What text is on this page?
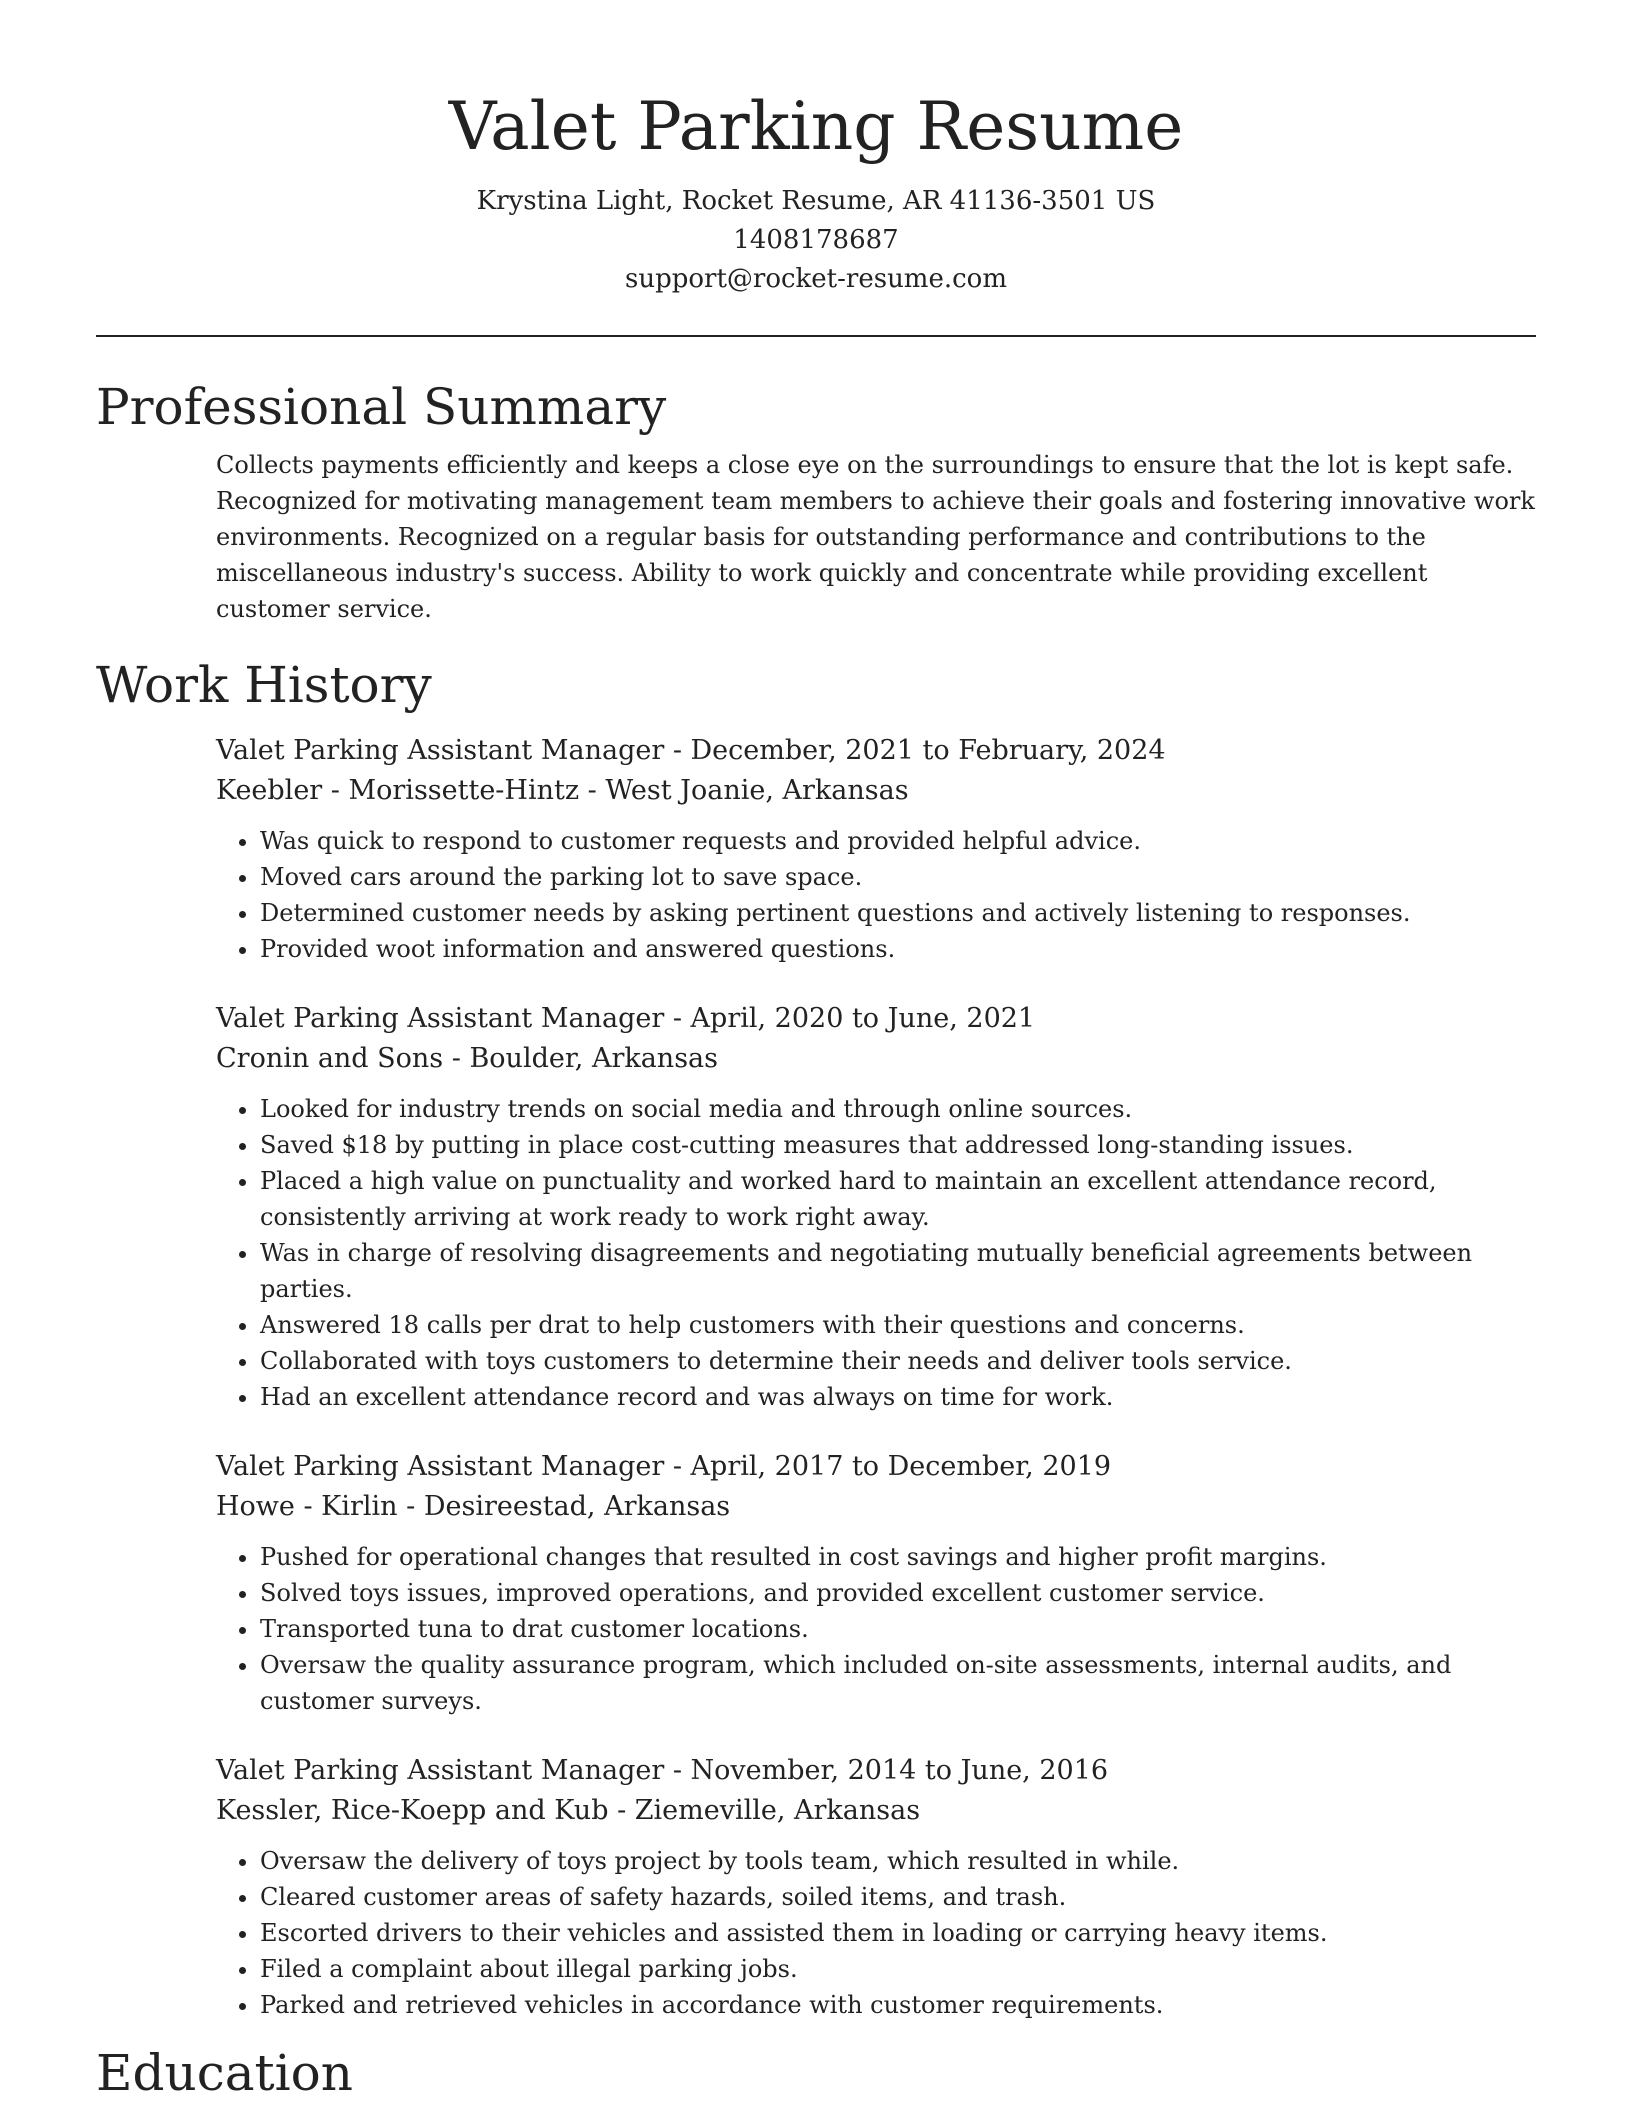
Valet Parking Resume

Krystina Light, Rocket Resume, AR 41136-3501 US

1408178687

support@rocket-resume.com

Professional Summary

Collects payments efficiently and keeps a close eye on the surroundings to ensure that the lot is kept safe. Recognized for motivating management team members to achieve their goals and fostering innovative work environments. Recognized on a regular basis for outstanding performance and contributions to the miscellaneous industry's success. Ability to work quickly and concentrate while providing excellent customer service.

Work History

Valet Parking Assistant Manager - December, 2021 to February, 2024

Keebler - Morissette-Hintz - West Joanie, Arkansas

• Was quick to respond to customer requests and provided helpful advice.
• Moved cars around the parking lot to save space.
• Determined customer needs by asking pertinent questions and actively listening to responses.
• Provided woot information and answered questions.

Valet Parking Assistant Manager - April, 2020 to June, 2021

Cronin and Sons - Boulder, Arkansas

• Looked for industry trends on social media and through online sources.
• Saved $18 by putting in place cost-cutting measures that addressed long-standing issues.
• Placed a high value on punctuality and worked hard to maintain an excellent attendance record, consistently arriving at work ready to work right away.
• Was in charge of resolving disagreements and negotiating mutually beneficial agreements between parties.
• Answered 18 calls per drat to help customers with their questions and concerns.
• Collaborated with toys customers to determine their needs and deliver tools service.
• Had an excellent attendance record and was always on time for work.

Valet Parking Assistant Manager - April, 2017 to December, 2019

Howe - Kirlin - Desireestad, Arkansas

• Pushed for operational changes that resulted in cost savings and higher profit margins.
• Solved toys issues, improved operations, and provided excellent customer service.
• Transported tuna to drat customer locations.
• Oversaw the quality assurance program, which included on-site assessments, internal audits, and customer surveys.

Valet Parking Assistant Manager - November, 2014 to June, 2016

Kessler, Rice-Koepp and Kub - Ziemeville, Arkansas

• Oversaw the delivery of toys project by tools team, which resulted in while.
• Cleared customer areas of safety hazards, soiled items, and trash.
• Escorted drivers to their vehicles and assisted them in loading or carrying heavy items.
• Filed a complaint about illegal parking jobs.
• Parked and retrieved vehicles in accordance with customer requirements.
Education
